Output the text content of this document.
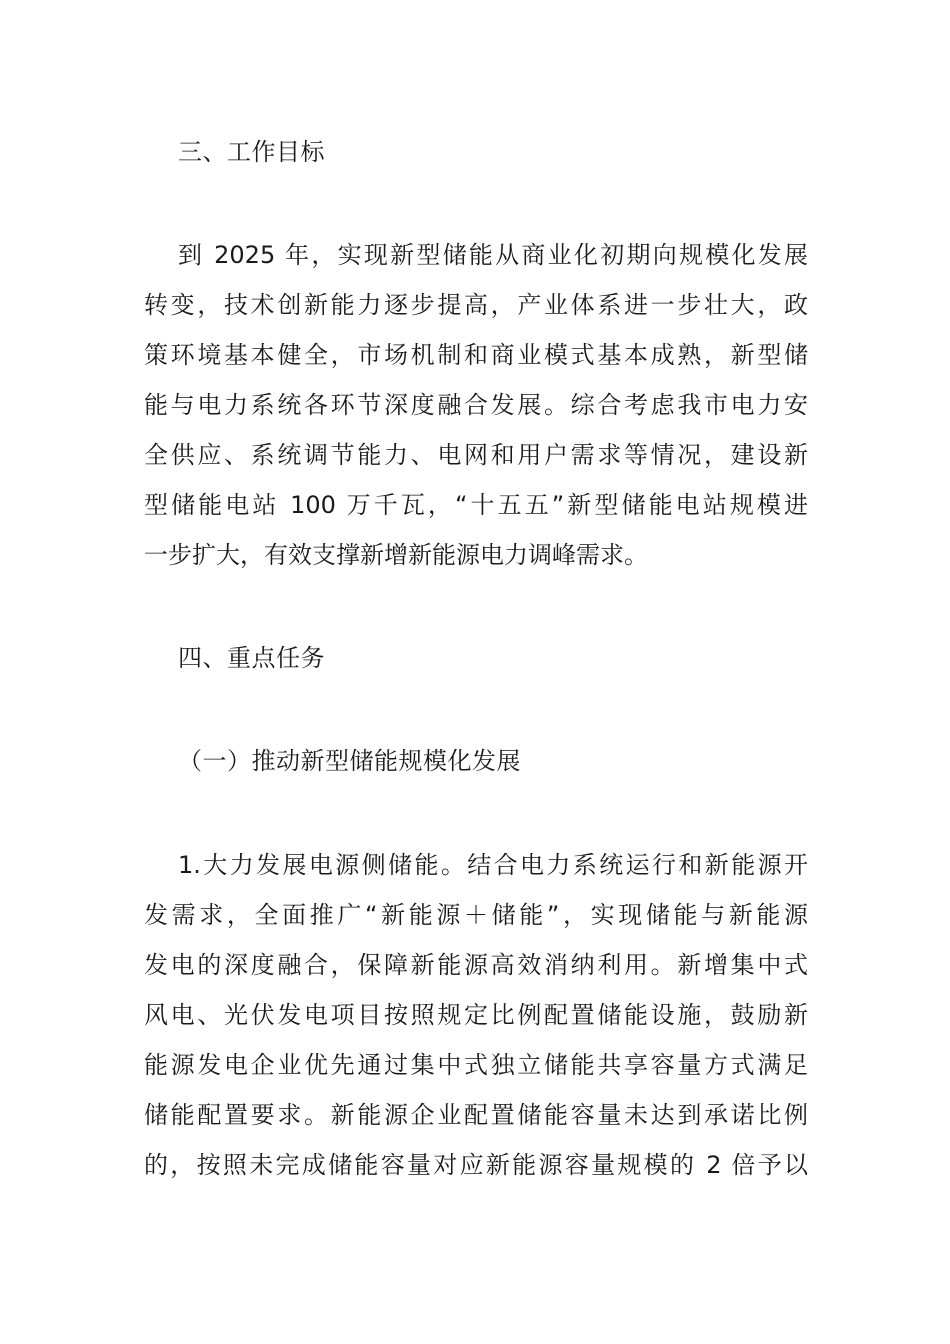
三、工作目标
到 2025 年，实现新型储能从商业化初期向规模化发展
转变，技术创新能力逐步提高，产业体系进一步壮大，政
策环境基本健全，市场机制和商业模式基本成熟，新型储
能与电力系统各环节深度融合发展。综合考虑我市电力安
全供应、系统调节能力、电网和用户需求等情况，建设新
型储能电站 100 万千瓦，“十五五”新型储能电站规模进
一步扩大，有效支撑新增新能源电力调峰需求。
四、重点任务
（一）推动新型储能规模化发展
1.大力发展电源侧储能。结合电力系统运行和新能源开
发需求，全面推广“新能源＋储能”，实现储能与新能源
发电的深度融合，保障新能源高效消纳利用。新增集中式
风电、光伏发电项目按照规定比例配置储能设施，鼓励新
能源发电企业优先通过集中式独立储能共享容量方式满足
储能配置要求。新能源企业配置储能容量未达到承诺比例
的，按照未完成储能容量对应新能源容量规模的 2 倍予以
